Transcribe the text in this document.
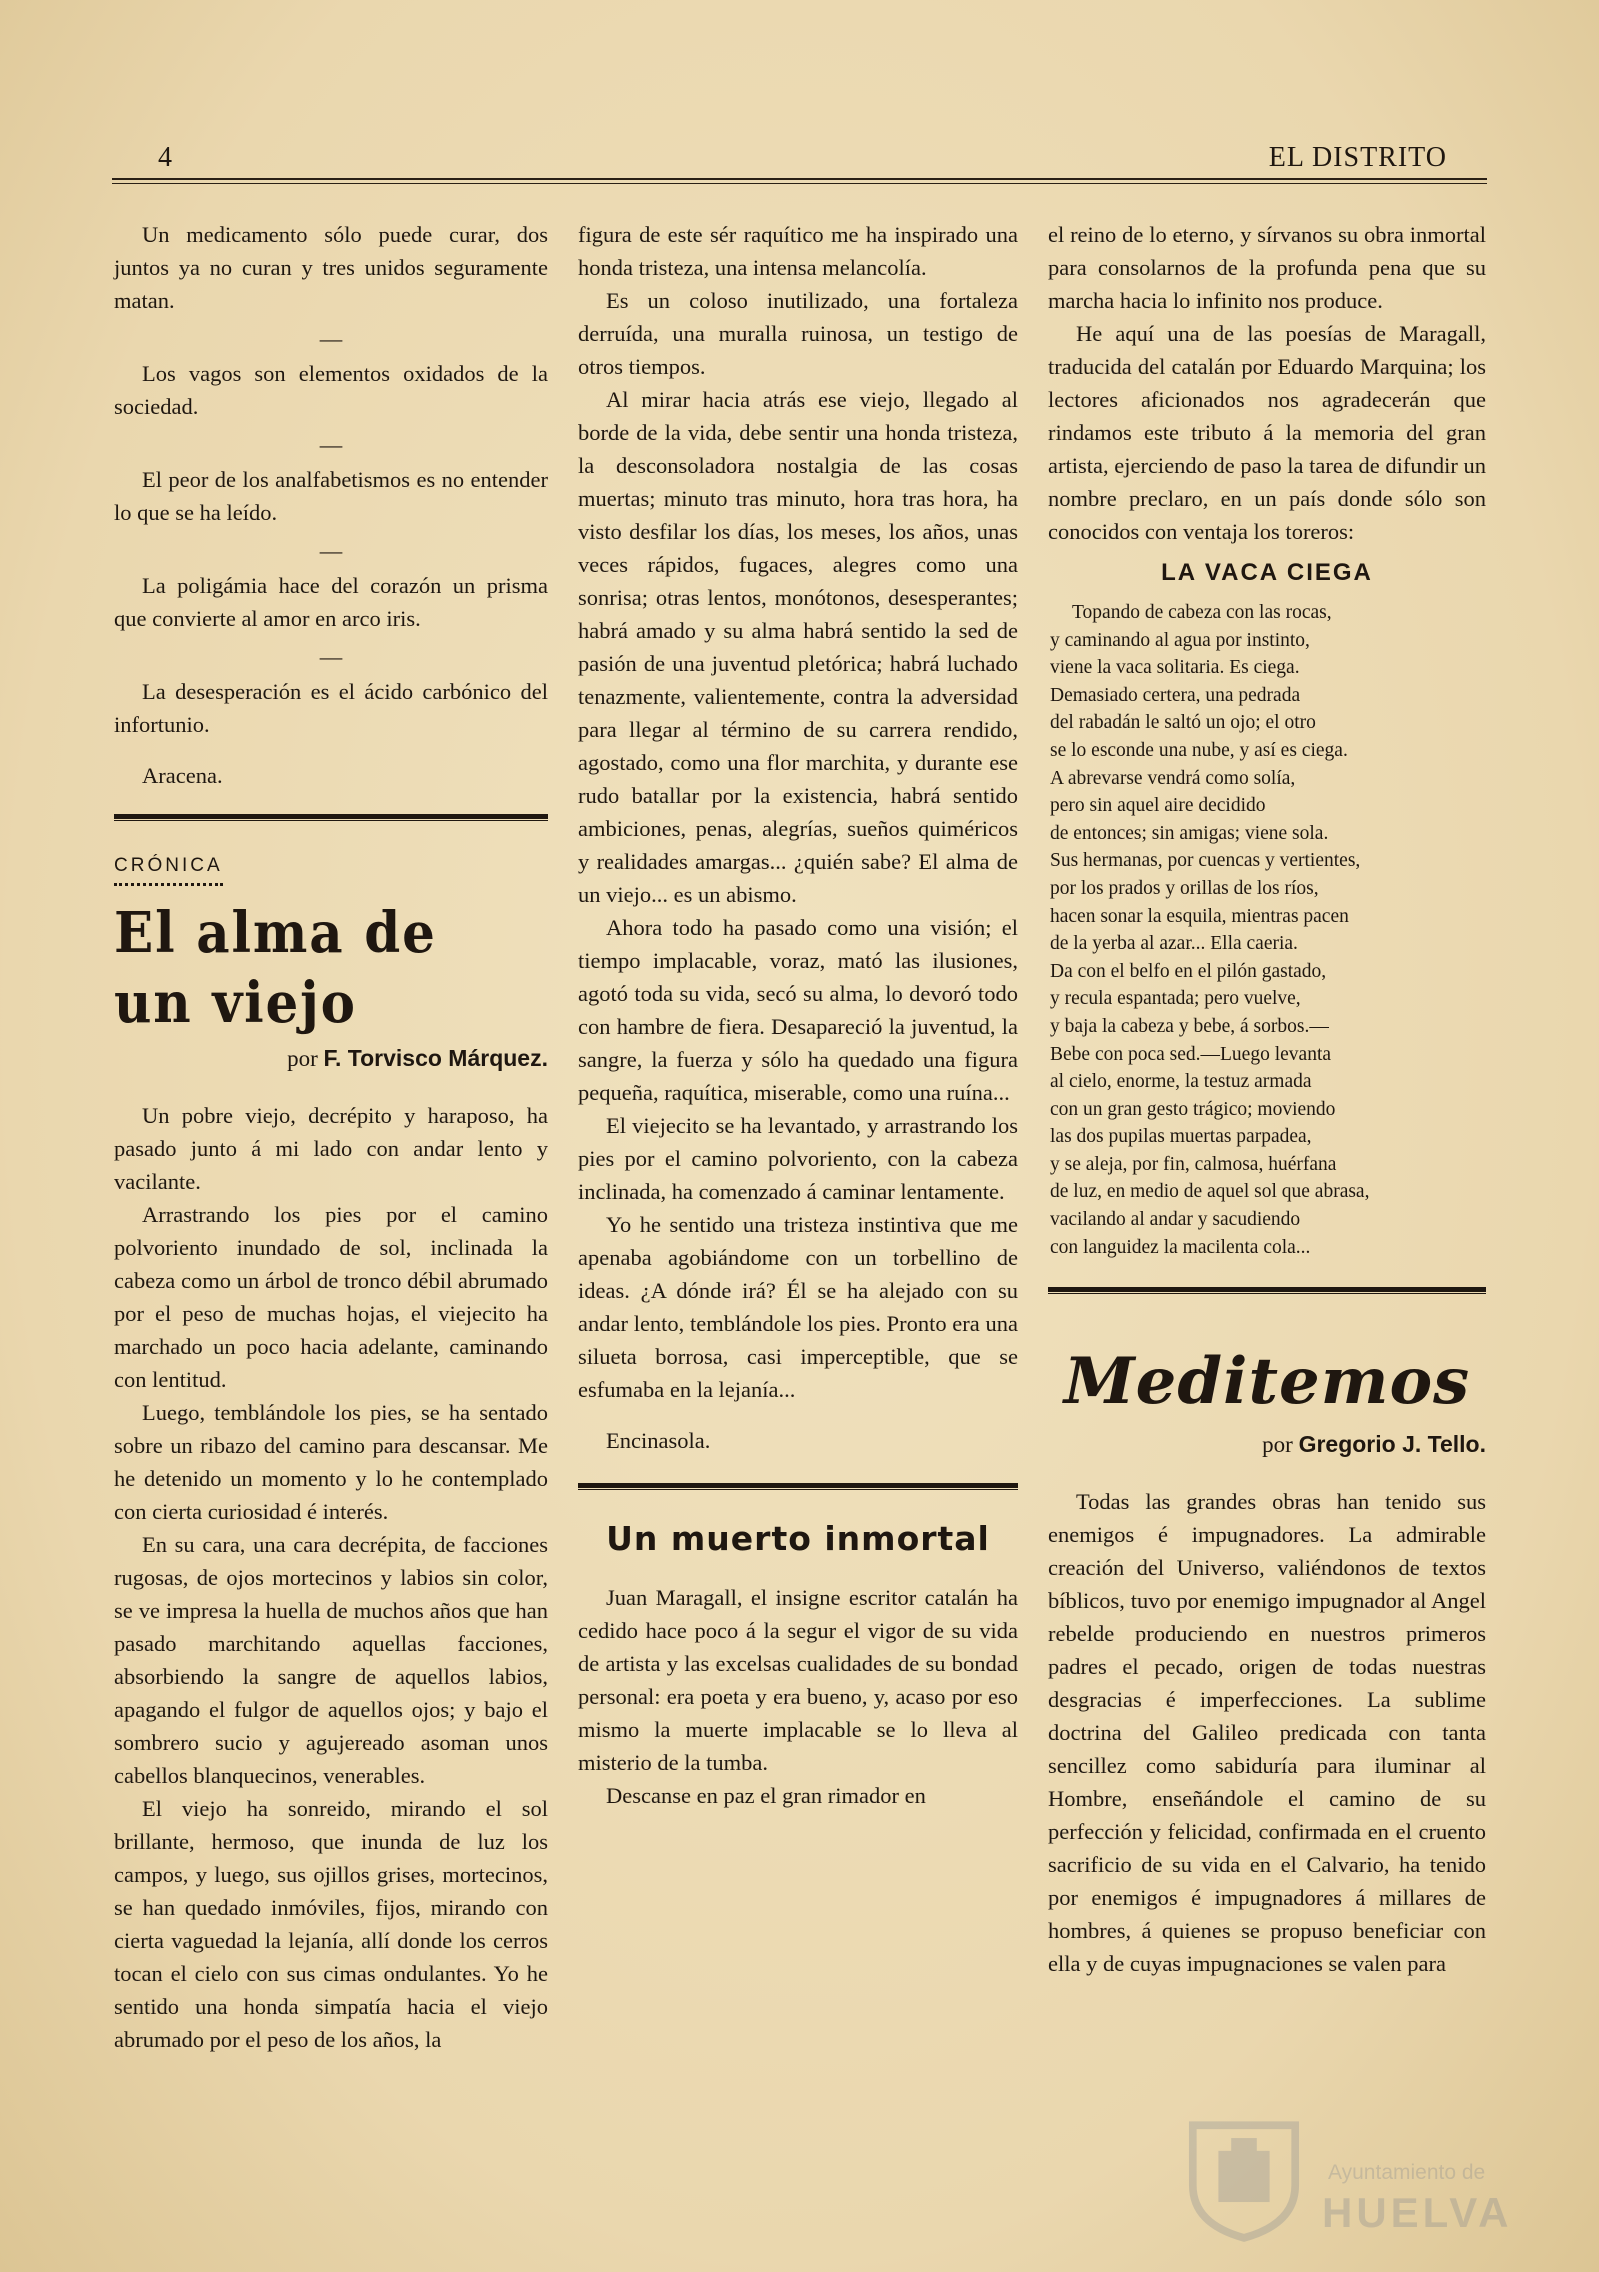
4	EL DISTRITO

Un medicamento sólo puede curar, dos juntos ya no curan y tres unidos seguramente matan.

—

Los vagos son elementos oxidados de la sociedad.

—

El peor de los analfabetismos es no entender lo que se ha leído.

—

La poligámia hace del corazón un prisma que convierte al amor en arco iris.

—

La desesperación es el ácido carbónico del infortunio.

Aracena.

CRÓNICA

El alma de un viejo

por F. Torvisco Márquez.

Un pobre viejo, decrépito y haraposo, ha pasado junto á mi lado con andar lento y vacilante.

Arrastrando los pies por el camino polvoriento inundado de sol, inclinada la cabeza como un árbol de tronco débil abrumado por el peso de muchas hojas, el viejecito ha marchado un poco hacia adelante, caminando con lentitud.

Luego, temblándole los pies, se ha sentado sobre un ribazo del camino para descansar. Me he detenido un momento y lo he contemplado con cierta curiosidad é interés.

En su cara, una cara decrépita, de facciones rugosas, de ojos mortecinos y labios sin color, se ve impresa la huella de muchos años que han pasado marchitando aquellas facciones, absorbiendo la sangre de aquellos labios, apagando el fulgor de aquellos ojos; y bajo el sombrero sucio y agujereado asoman unos cabellos blanquecinos, venerables.

El viejo ha sonreido, mirando el sol brillante, hermoso, que inunda de luz los campos, y luego, sus ojillos grises, mortecinos, se han quedado inmóviles, fijos, mirando con cierta vaguedad la lejanía, allí donde los cerros tocan el cielo con sus cimas ondulantes. Yo he sentido una honda simpatía hacia el viejo abrumado por el peso de los años, la

figura de este sér raquítico me ha inspirado una honda tristeza, una intensa melancolía.

Es un coloso inutilizado, una fortaleza derruída, una muralla ruinosa, un testigo de otros tiempos.

Al mirar hacia atrás ese viejo, llegado al borde de la vida, debe sentir una honda tristeza, la desconsoladora nostalgia de las cosas muertas; minuto tras minuto, hora tras hora, ha visto desfilar los días, los meses, los años, unas veces rápidos, fugaces, alegres como una sonrisa; otras lentos, monótonos, desesperantes; habrá amado y su alma habrá sentido la sed de pasión de una juventud pletórica; habrá luchado tenazmente, valientemente, contra la adversidad para llegar al término de su carrera rendido, agostado, como una flor marchita, y durante ese rudo batallar por la existencia, habrá sentido ambiciones, penas, alegrías, sueños quiméricos y realidades amargas... ¿quién sabe? El alma de un viejo... es un abismo.

Ahora todo ha pasado como una visión; el tiempo implacable, voraz, mató las ilusiones, agotó toda su vida, secó su alma, lo devoró todo con hambre de fiera. Desapareció la juventud, la sangre, la fuerza y sólo ha quedado una figura pequeña, raquítica, miserable, como una ruína...

El viejecito se ha levantado, y arrastrando los pies por el camino polvoriento, con la cabeza inclinada, ha comenzado á caminar lentamente.

Yo he sentido una tristeza instintiva que me apenaba agobiándome con un torbellino de ideas. ¿A dónde irá? Él se ha alejado con su andar lento, temblándole los pies. Pronto era una silueta borrosa, casi imperceptible, que se esfumaba en la lejanía...

Encinasola.

Un muerto inmortal

Juan Maragall, el insigne escritor catalán ha cedido hace poco á la segur el vigor de su vida de artista y las excelsas cualidades de su bondad personal: era poeta y era bueno, y, acaso por eso mismo la muerte implacable se lo lleva al misterio de la tumba.

Descanse en paz el gran rimador en

el reino de lo eterno, y sírvanos su obra inmortal para consolarnos de la profunda pena que su marcha hacia lo infinito nos produce.

He aquí una de las poesías de Maragall, traducida del catalán por Eduardo Marquina; los lectores aficionados nos agradecerán que rindamos este tributo á la memoria del gran artista, ejerciendo de paso la tarea de difundir un nombre preclaro, en un país donde sólo son conocidos con ventaja los toreros:

LA VACA CIEGA

Topando de cabeza con las rocas,
y caminando al agua por instinto,
viene la vaca solitaria. Es ciega.
Demasiado certera, una pedrada
del rabadán le saltó un ojo; el otro
se lo esconde una nube, y así es ciega.
A abrevarse vendrá como solía,
pero sin aquel aire decidido
de entonces; sin amigas; viene sola.
Sus hermanas, por cuencas y vertientes,
por los prados y orillas de los ríos,
hacen sonar la esquila, mientras pacen
de la yerba al azar... Ella caeria.
Da con el belfo en el pilón gastado,
y recula espantada; pero vuelve,
y baja la cabeza y bebe, á sorbos.—
Bebe con poca sed.—Luego levanta
al cielo, enorme, la testuz armada
con un gran gesto trágico; moviendo
las dos pupilas muertas parpadea,
y se aleja, por fin, calmosa, huérfana
de luz, en medio de aquel sol que abrasa,
vacilando al andar y sacudiendo
con languidez la macilenta cola...

Meditemos

por Gregorio J. Tello.

Todas las grandes obras han tenido sus enemigos é impugnadores. La admirable creación del Universo, valiéndonos de textos bíblicos, tuvo por enemigo impugnador al Angel rebelde produciendo en nuestros primeros padres el pecado, origen de todas nuestras desgracias é imperfecciones. La sublime doctrina del Galileo predicada con tanta sencillez como sabiduría para iluminar al Hombre, enseñándole el camino de su perfección y felicidad, confirmada en el cruento sacrificio de su vida en el Calvario, ha tenido por enemigos é impugnadores á millares de hombres, á quienes se propuso beneficiar con ella y de cuyas impugnaciones se valen para

Ayuntamiento de
HUELVA
